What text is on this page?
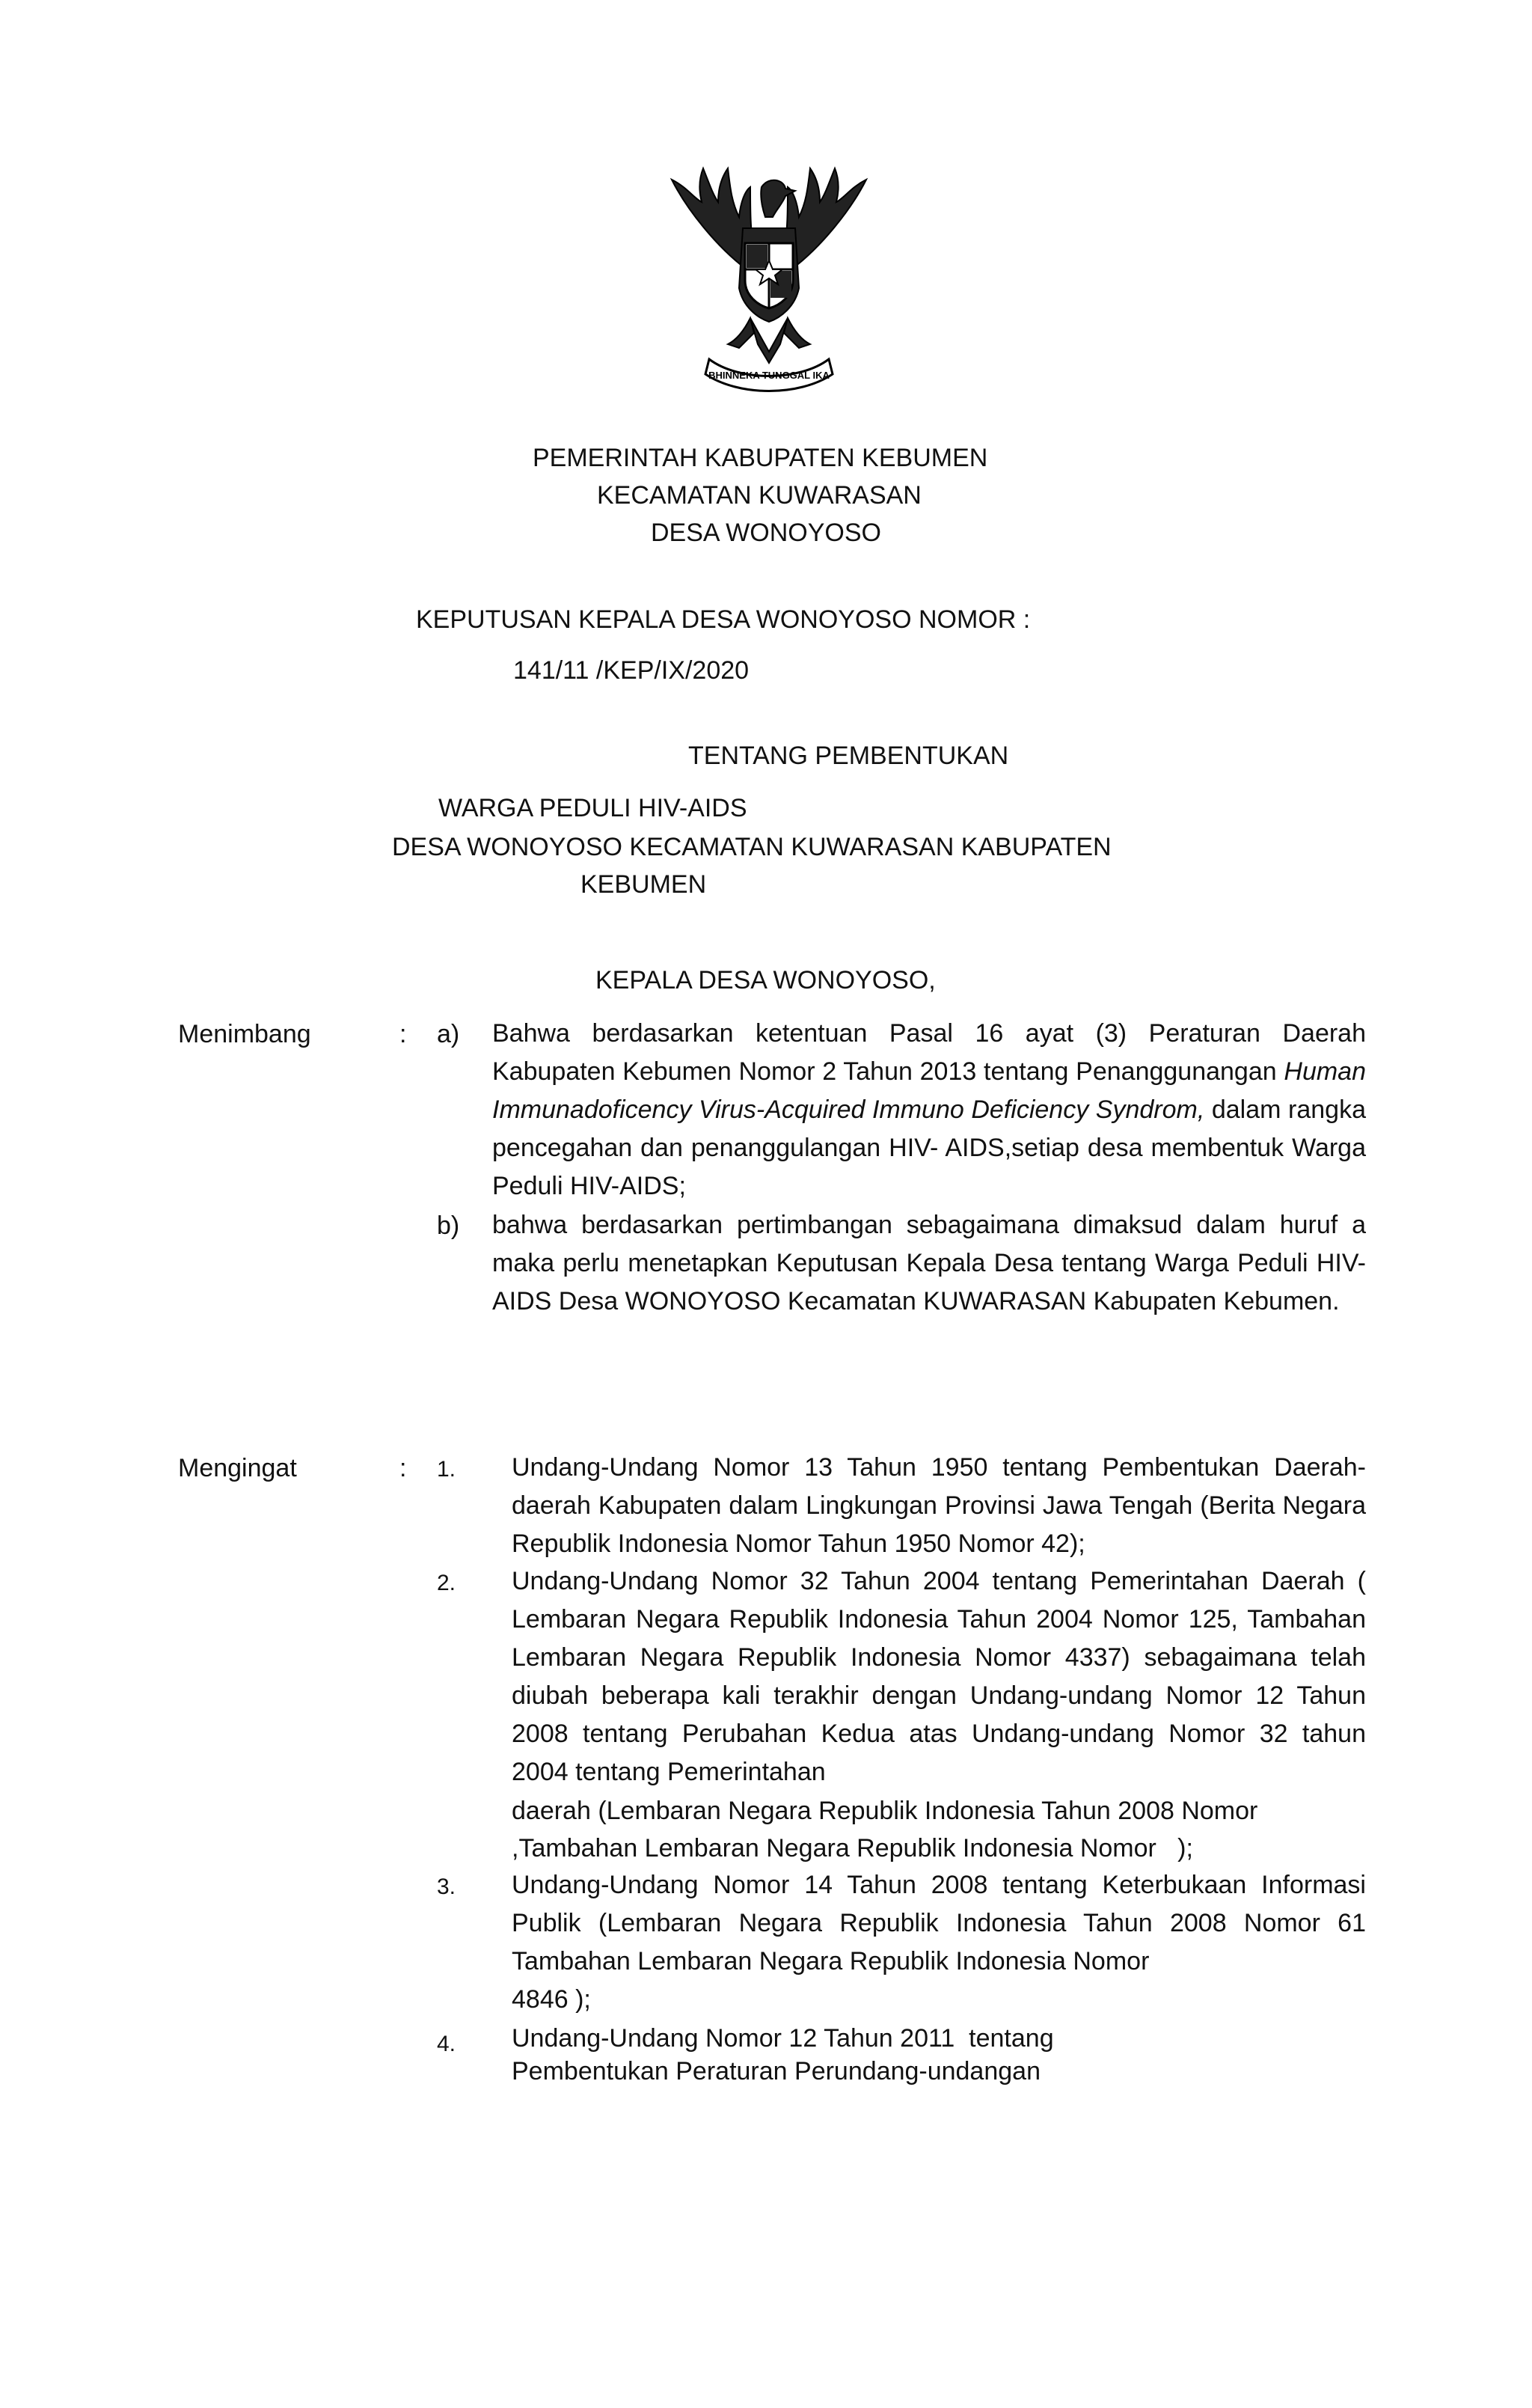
BHINNEKA TUNGGAL IKA
PEMERINTAH KABUPATEN KEBUMEN
KECAMATAN KUWARASAN
DESA WONOYOSO
KEPUTUSAN KEPALA DESA WONOYOSO NOMOR :
141/11 /KEP/IX/2020
TENTANG PEMBENTUKAN
WARGA PEDULI HIV-AIDS
DESA WONOYOSO KECAMATAN KUWARASAN KABUPATEN
KEBUMEN
KEPALA DESA WONOYOSO,
Menimbang	: a) Bahwa berdasarkan ketentuan Pasal 16 ayat (3) Peraturan Daerah Kabupaten Kebumen Nomor 2 Tahun 2013 tentang Penanggunangan Human Immunadoficency Virus-Acquired Immuno Deficiency Syndrom, dalam rangka pencegahan dan penanggulangan HIV- AIDS,setiap desa membentuk Warga Peduli HIV-AIDS;
b) bahwa berdasarkan pertimbangan sebagaimana dimaksud dalam huruf a maka perlu menetapkan Keputusan Kepala Desa tentang Warga Peduli HIV-AIDS Desa WONOYOSO Kecamatan KUWARASAN Kabupaten Kebumen.
Mengingat	: 1. Undang-Undang Nomor 13 Tahun 1950 tentang Pembentukan Daerah-daerah Kabupaten dalam Lingkungan Provinsi Jawa Tengah (Berita Negara Republik Indonesia Nomor Tahun 1950 Nomor 42);
2. Undang-Undang Nomor 32 Tahun 2004 tentang Pemerintahan Daerah ( Lembaran Negara Republik Indonesia Tahun 2004 Nomor 125, Tambahan Lembaran Negara Republik Indonesia Nomor 4337) sebagaimana telah diubah beberapa kali terakhir dengan Undang-undang Nomor 12 Tahun 2008 tentang Perubahan Kedua atas Undang-undang Nomor 32 tahun 2004 tentang Pemerintahan
daerah (Lembaran Negara Republik Indonesia Tahun 2008 Nomor
,Tambahan Lembaran Negara Republik Indonesia Nomor   );
3. Undang-Undang Nomor 14 Tahun 2008 tentang Keterbukaan Informasi Publik (Lembaran Negara Republik Indonesia Tahun 2008 Nomor 61 Tambahan Lembaran Negara Republik Indonesia Nomor
4846 );
4. Undang-Undang Nomor 12 Tahun 2011  tentang
Pembentukan Peraturan Perundang-undangan
